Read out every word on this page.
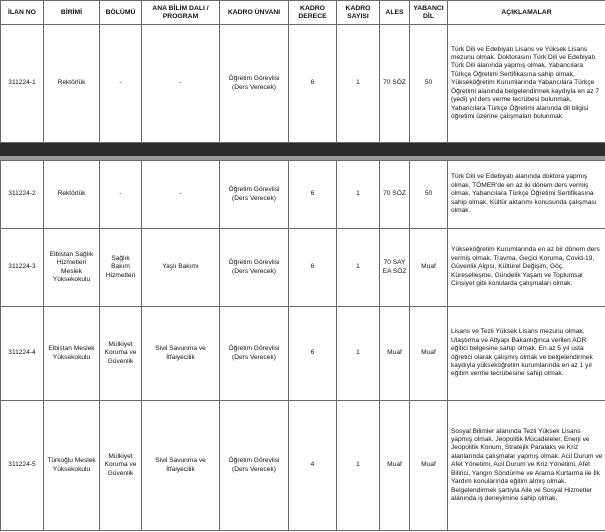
İLAN NO	BİRİMİ	BÖLÜMÜ	ANA BİLİM DALI / PROGRAM	KADRO ÜNVANI	KADRO DERECE	KADRO SAYISI	ALES	YABANCI DİL	AÇIKLAMALAR
311224-1	Rektörlük	-	-	Öğretim Görevlisi (Ders Verecek)	6	1	70 SÖZ	50	Türk Dili ve Edebiyatı Lisans ve Yüksek Lisans mezunu olmak. Doktorasını Türk Dili ve Edebiyatı Türk Dili alanında yapmış olmak, Yabancılara Türkçe Öğretimi Sertifikasına sahip olmak, Yükseköğretim Kurumlarında Yabancılara Türkçe Öğretimi alanında belgelendirmek kaydıyla en az 7 (yedi) yıl ders verme tecrübesi bulunmak, Yabancılara Türkçe Öğretimi alanında dil bilgisi öğretimi üzerine çalışmaları bulunmak.
311224-2	Rektörlük	-	-	Öğretim Görevlisi (Ders Verecek)	6	1	70 SÖZ	50	Türk Dili ve Edebiyatı alanında doktora yapmış olmak, TÖMER'de en az iki dönem ders vermiş olmak, Yabancılara Türkçe Öğretimi Sertifikasına sahip olmak, Kültür aktarımı konusunda çalışması olmak.
311224-3	Elbistan Sağlık Hizmetleri Meslek Yüksekokulu	Sağlık Bakım Hizmetleri	Yaşlı Bakımı	Öğretim Görevlisi (Ders Verecek)	6	1	70 SAY EA SÖZ	Muaf	Yükseköğretim Kurumlarında en az bir dönem ders vermiş olmak, Travma, Geçici Koruma, Covid-19, Güvenlik Algısı, Kültürel Değişim, Göç, Küreselleşme, Gündelik Yaşam ve Toplumsal Cinsiyet gibi konularda çalışmaları olmak.
311224-4	Elbistan Meslek Yüksekokulu	Mülkiyet Koruma ve Güvenlik	Sivil Savunma ve İtfaiyecilik	Öğretim Görevlisi (Ders Verecek)	6	1	Muaf	Muaf	Lisans ve Tezli Yüksek Lisans mezunu olmak. Ulaştırma ve Altyapı Bakanlığınca verilen ADR eğitici belgesine sahip olmak. En az 5 yıl usta öğretici olarak çalışmış olmak ve belgelendirmek kaydıyla yükseköğretim kurumlarında en az 1 yıl eğitim verme tecrübesine sahip olmak.
311224-5	Türkoğlu Meslek Yüksekokulu	Mülkiyet Koruma ve Güvenlik	Sivil Savunma ve İtfaiyecilik	Öğretim Görevlisi (Ders Verecek)	4	1	Muaf	Muaf	Sosyal Bilimler alanında Tezli Yüksek Lisans yapmış olmak. Jeopolitik Mücadeleler, Enerji ve Jeopolitik Konum, Stratejik Paralaks ve Kriz alanlarında çalışmalar yapmış olmak. Acil Durum ve Afet Yönetimi, Acil Durum ve Kriz Yönetimi, Afet Bilinci, Yangın Söndürme ve Arama Kurtarma ile İlk Yardım konularında eğitim almış olmak. Belgelendirmek şartıyla Aile ve Sosyal Hizmetler alanında iş deneyimine sahip olmak.
